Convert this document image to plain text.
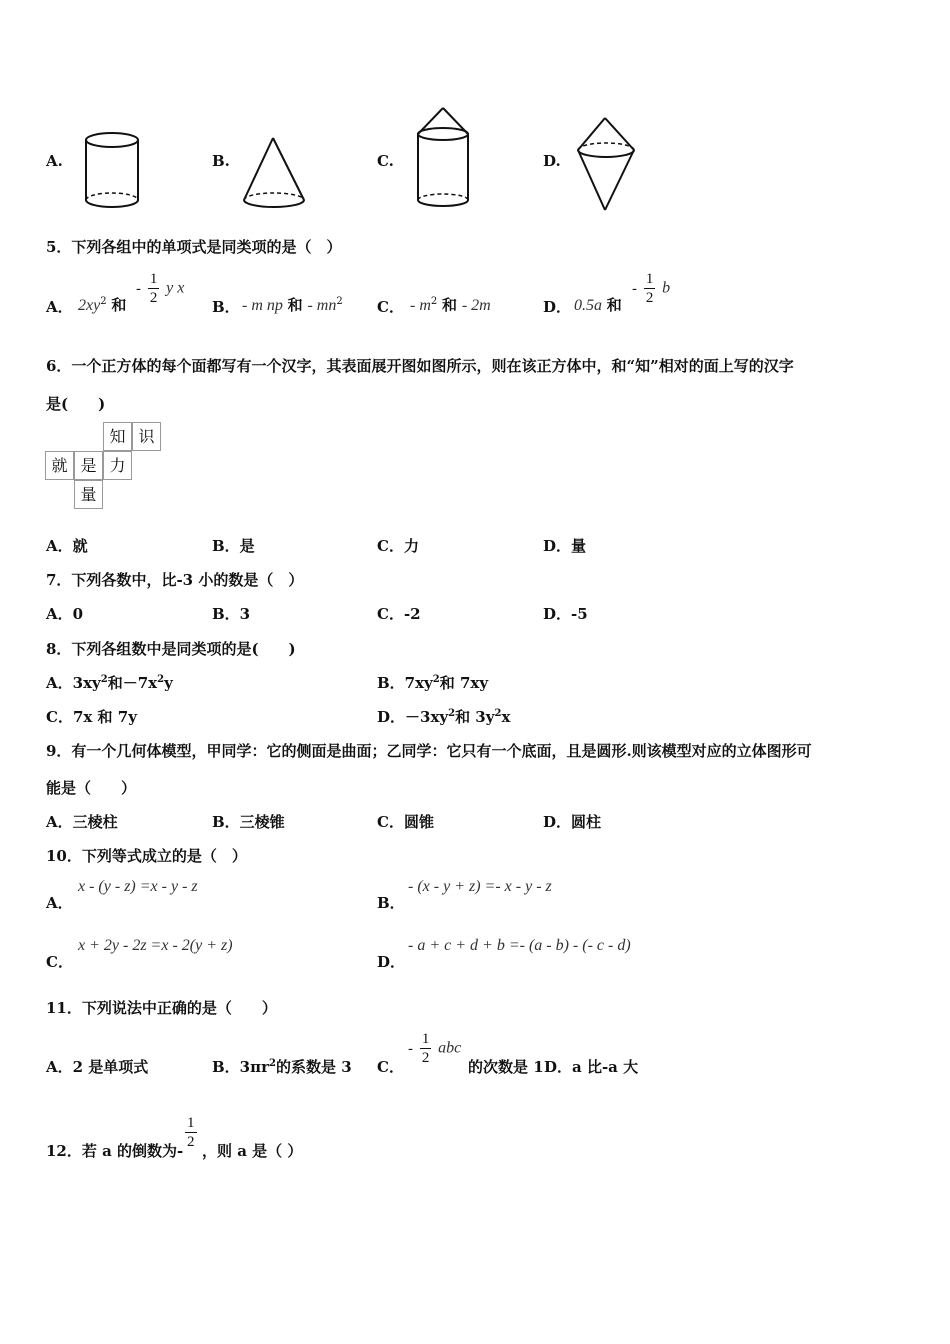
A.	B.	C.	D.
5．下列各组中的单项式是同类项的是（　）
A． $2xy^2$ 和
- $\frac{1}{2}$ y x
B． - m np 和 - $mn^2$ C． - $m^2$ 和 - 2m	D． 0.5a 和
- $\frac{1}{2}$ b
6．一个正方体的每个面都写有一个汉字，其表面展开图如图所示，则在该正方体中，和“知”相对的面上写的汉字
是(　　)
知 识
就 是 力
量
A．就	B．是	C．力	D．量
7．下列各数中，比-3 小的数是（　）
A．0	B．3	C．-2	D．-5
8．下列各组数中是同类项的是(　　)
A．$3xy^2$和$-7x^2y$	B．$7xy^2$和 7xy
C．7x 和 7y	D．$-3xy^2$和 $3y^2x$
9．有一个几何体模型，甲同学：它的侧面是曲面；乙同学：它只有一个底面，且是圆形.则该模型对应的立体图形可
能是（　　）
A．三棱柱	B．三棱锥	C．圆锥	D．圆柱
10．下列等式成立的是（　）
A．
x - (y - z) =x - y - z
B．
- (x - y + z) =- x - y - z
C．
x + 2y - 2z =x - 2(y + z)
D．
- a + c + d + b =- (a - b) - (- c - d)
11．下列说法中正确的是（　　）
A．2 是单项式	B．$3\pi r^2$的系数是 3 C．
- $\frac{1}{2}$ abc
的次数是 1 D．a 比-a 大
12．若 a 的倒数为- $\frac{1}{2}$ ，则 a 是（ ）
